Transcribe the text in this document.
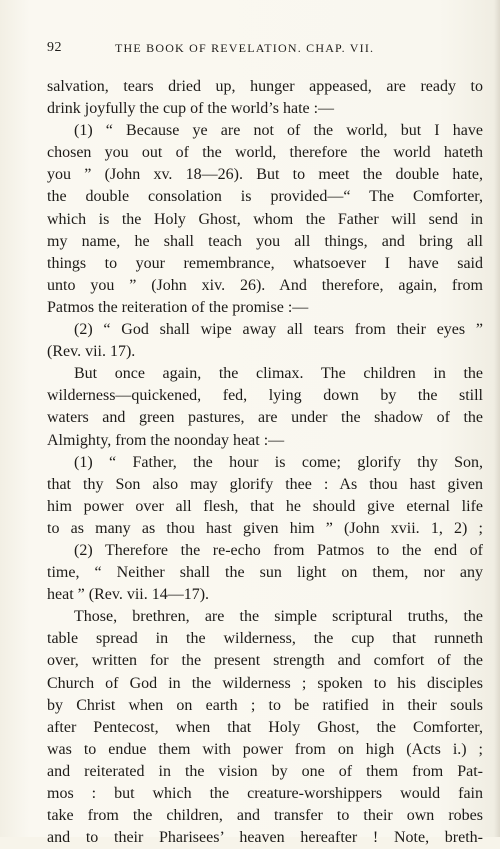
92	THE BOOK OF REVELATION. CHAP. VII.
salvation, tears dried up, hunger appeased, are ready to
drink joyfully the cup of the world’s hate :—
(1) “ Because ye are not of the world, but I have
chosen you out of the world, therefore the world hateth
you ” (John xv. 18—26). But to meet the double hate,
the double consolation is provided—“ The Comforter,
which is the Holy Ghost, whom the Father will send in
my name, he shall teach you all things, and bring all
things to your remembrance, whatsoever I have said
unto you ” (John xiv. 26). And therefore, again, from
Patmos the reiteration of the promise :—
(2) “ God shall wipe away all tears from their eyes ”
(Rev. vii. 17).
But once again, the climax. The children in the
wilderness—quickened, fed, lying down by the still
waters and green pastures, are under the shadow of the
Almighty, from the noonday heat :—
(1) “ Father, the hour is come; glorify thy Son,
that thy Son also may glorify thee : As thou hast given
him power over all flesh, that he should give eternal life
to as many as thou hast given him ” (John xvii. 1, 2) ;
(2) Therefore the re-echo from Patmos to the end of
time, “ Neither shall the sun light on them, nor any
heat ” (Rev. vii. 14—17).
Those, brethren, are the simple scriptural truths, the
table spread in the wilderness, the cup that runneth
over, written for the present strength and comfort of the
Church of God in the wilderness ; spoken to his disciples
by Christ when on earth ; to be ratified in their souls
after Pentecost, when that Holy Ghost, the Comforter,
was to endue them with power from on high (Acts i.) ;
and reiterated in the vision by one of them from Pat-
mos : but which the creature-worshippers would fain
take from the children, and transfer to their own robes
and to their Pharisees’ heaven hereafter ! Note, breth-
